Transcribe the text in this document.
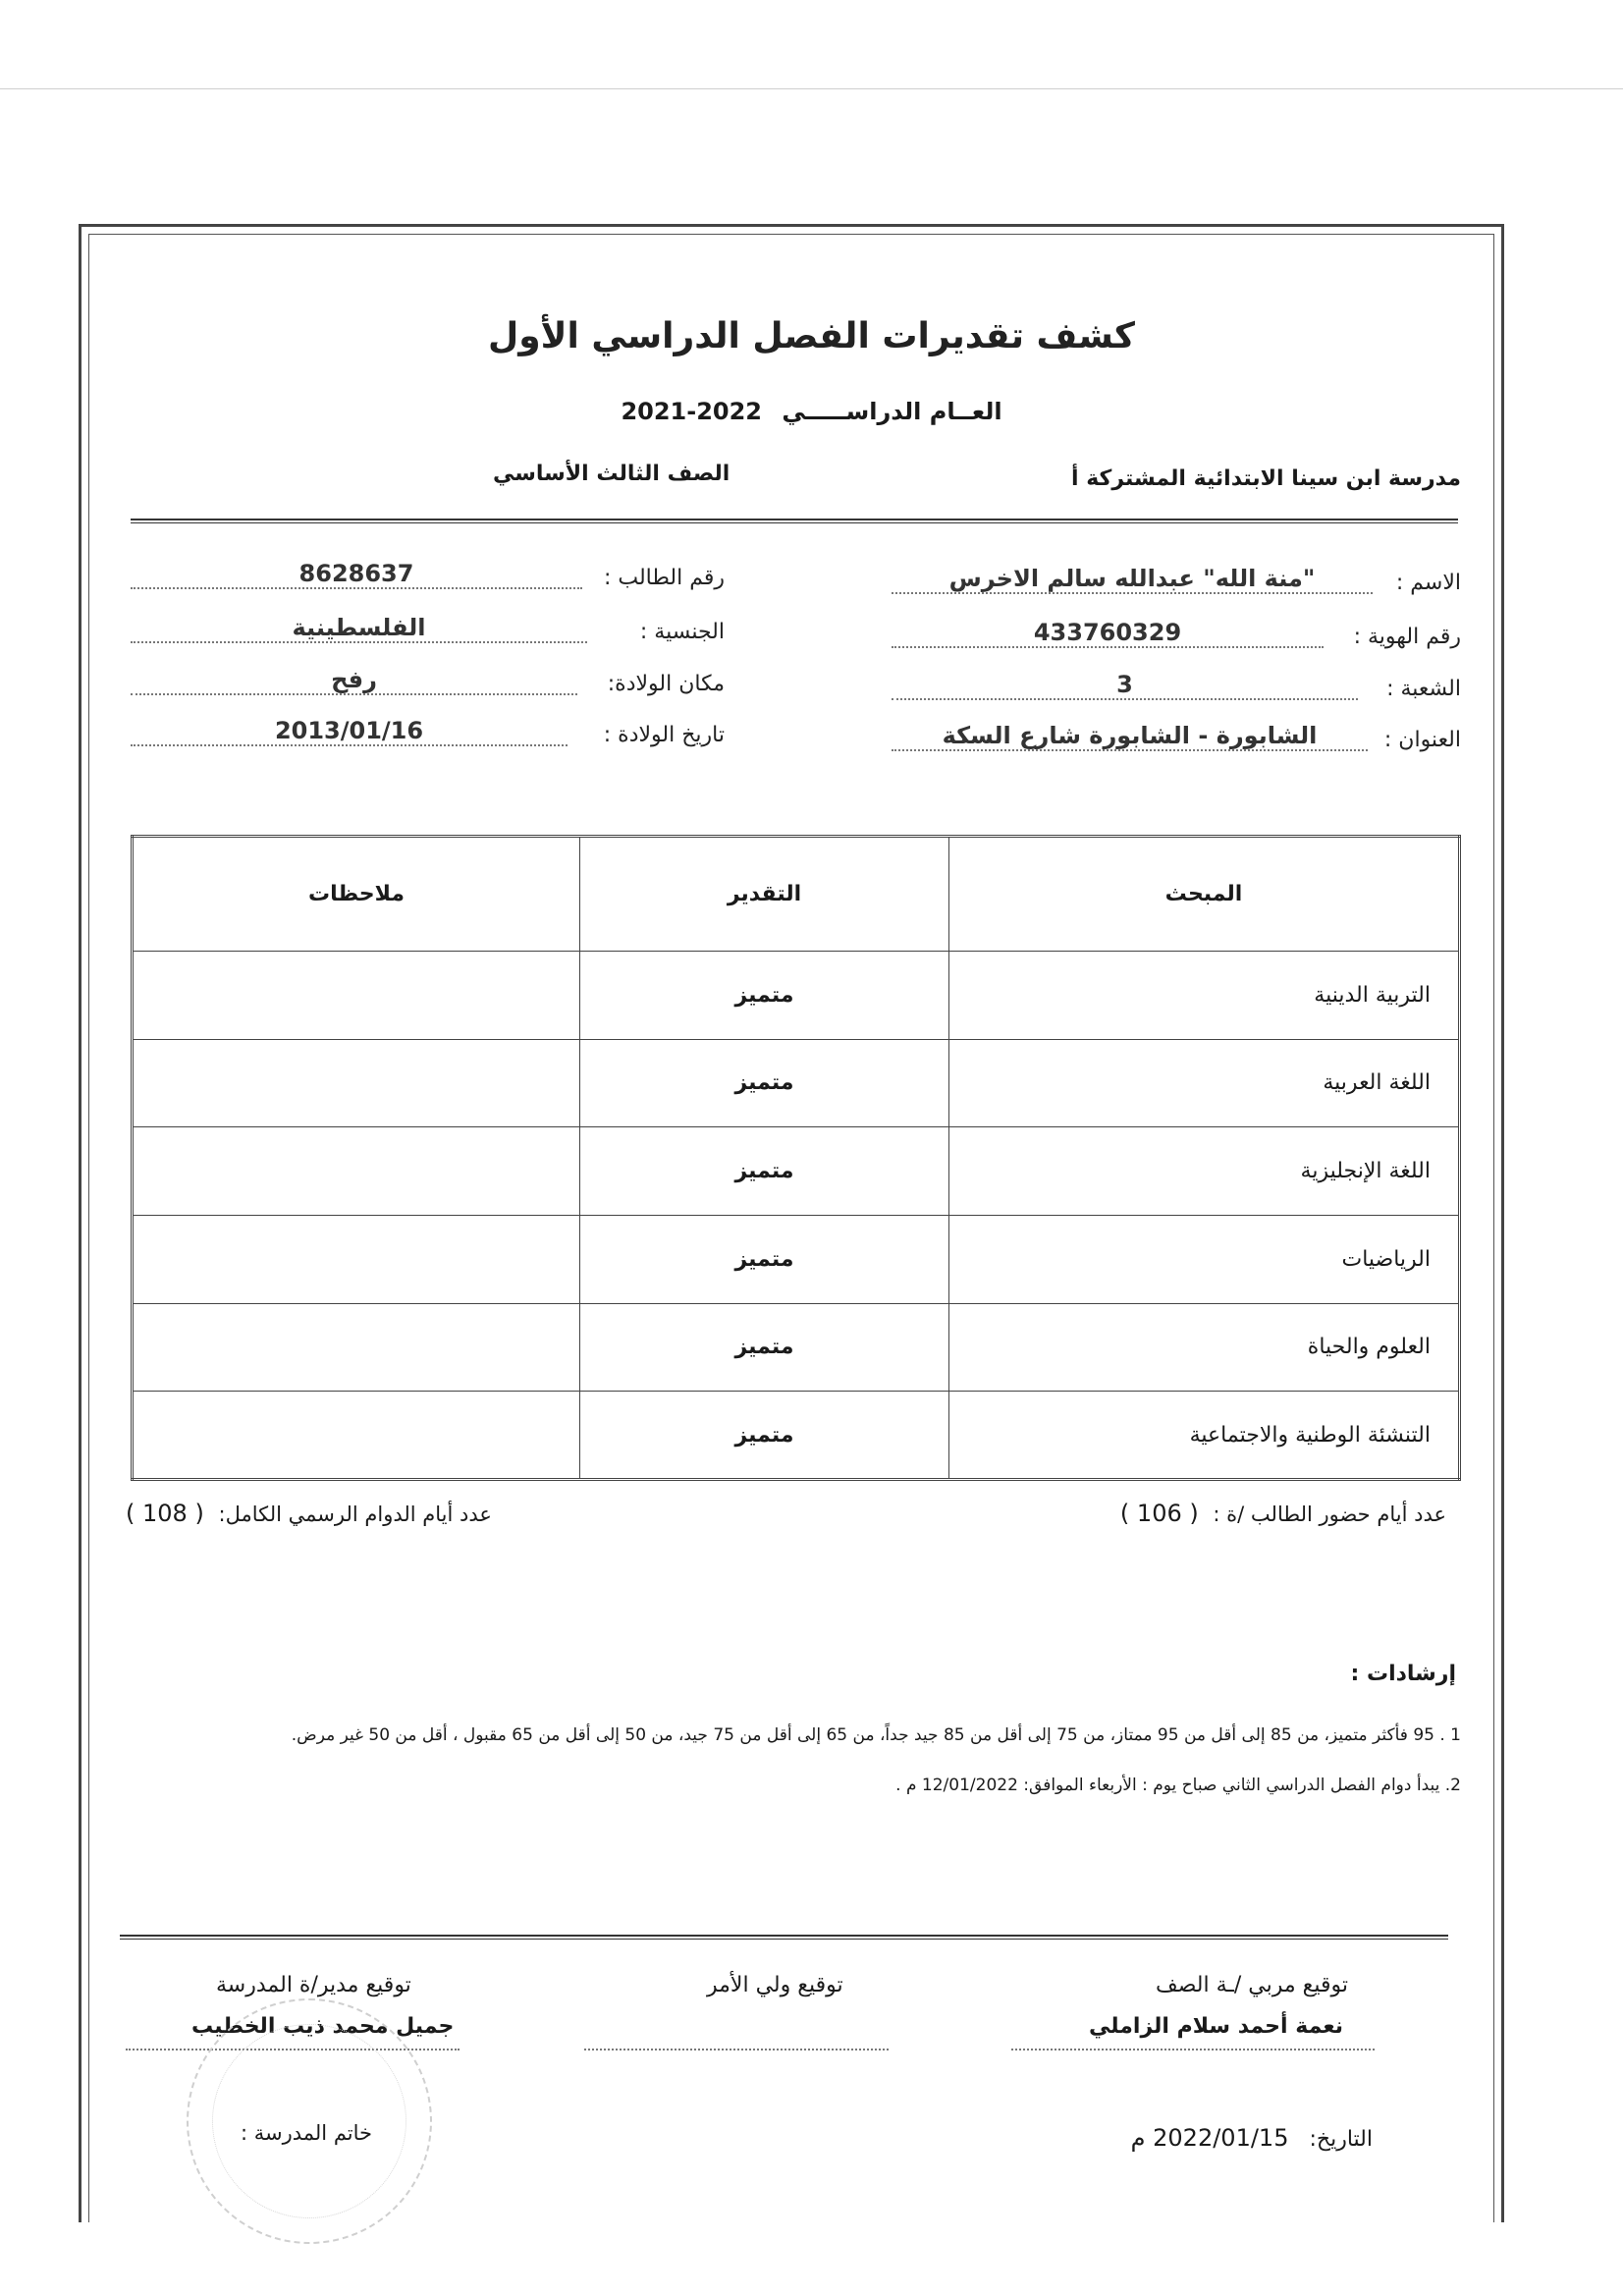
كشف تقديرات الفصل الدراسي الأول
العــام الدراســـــي 2022-2021
مدرسة ابن سينا الابتدائية المشتركة أ
الصف الثالث الأساسي
الاسم :
"منة الله" عبدالله سالم الاخرس
رقم الهوية :
433760329
الشعبة :
3
العنوان :
الشابورة - الشابورة شارع السكة
رقم الطالب :
8628637
الجنسية :
الفلسطينية
مكان الولادة:
رفح
تاريخ الولادة :
2013/01/16
المبحث	التقدير	ملاحظات
التربية الدينية	متميز	
اللغة العربية	متميز	
اللغة الإنجليزية	متميز	
الرياضيات	متميز	
العلوم والحياة	متميز	
التنشئة الوطنية والاجتماعية	متميز	
عدد أيام حضور الطالب /ة : ( 106 )
عدد أيام الدوام الرسمي الكامل: ( 108 )
إرشادات :
1 . 95 فأكثر متميز، من 85 إلى أقل من 95 ممتاز، من 75 إلى أقل من 85 جيد جداً، من 65 إلى أقل من 75 جيد، من 50 إلى أقل من 65 مقبول ، أقل من 50 غير مرض.
2. يبدأ دوام الفصل الدراسي الثاني صباح يوم : الأربعاء الموافق: 12/01/2022 م .
توقيع مربي /ـة الصف
نعمة أحمد سلام الزاملي
توقيع ولي الأمر
توقيع مدير/ة المدرسة
جميل محمد ذيب الخطيب
خاتم المدرسة :	التاريخ: 2022/01/15 م
